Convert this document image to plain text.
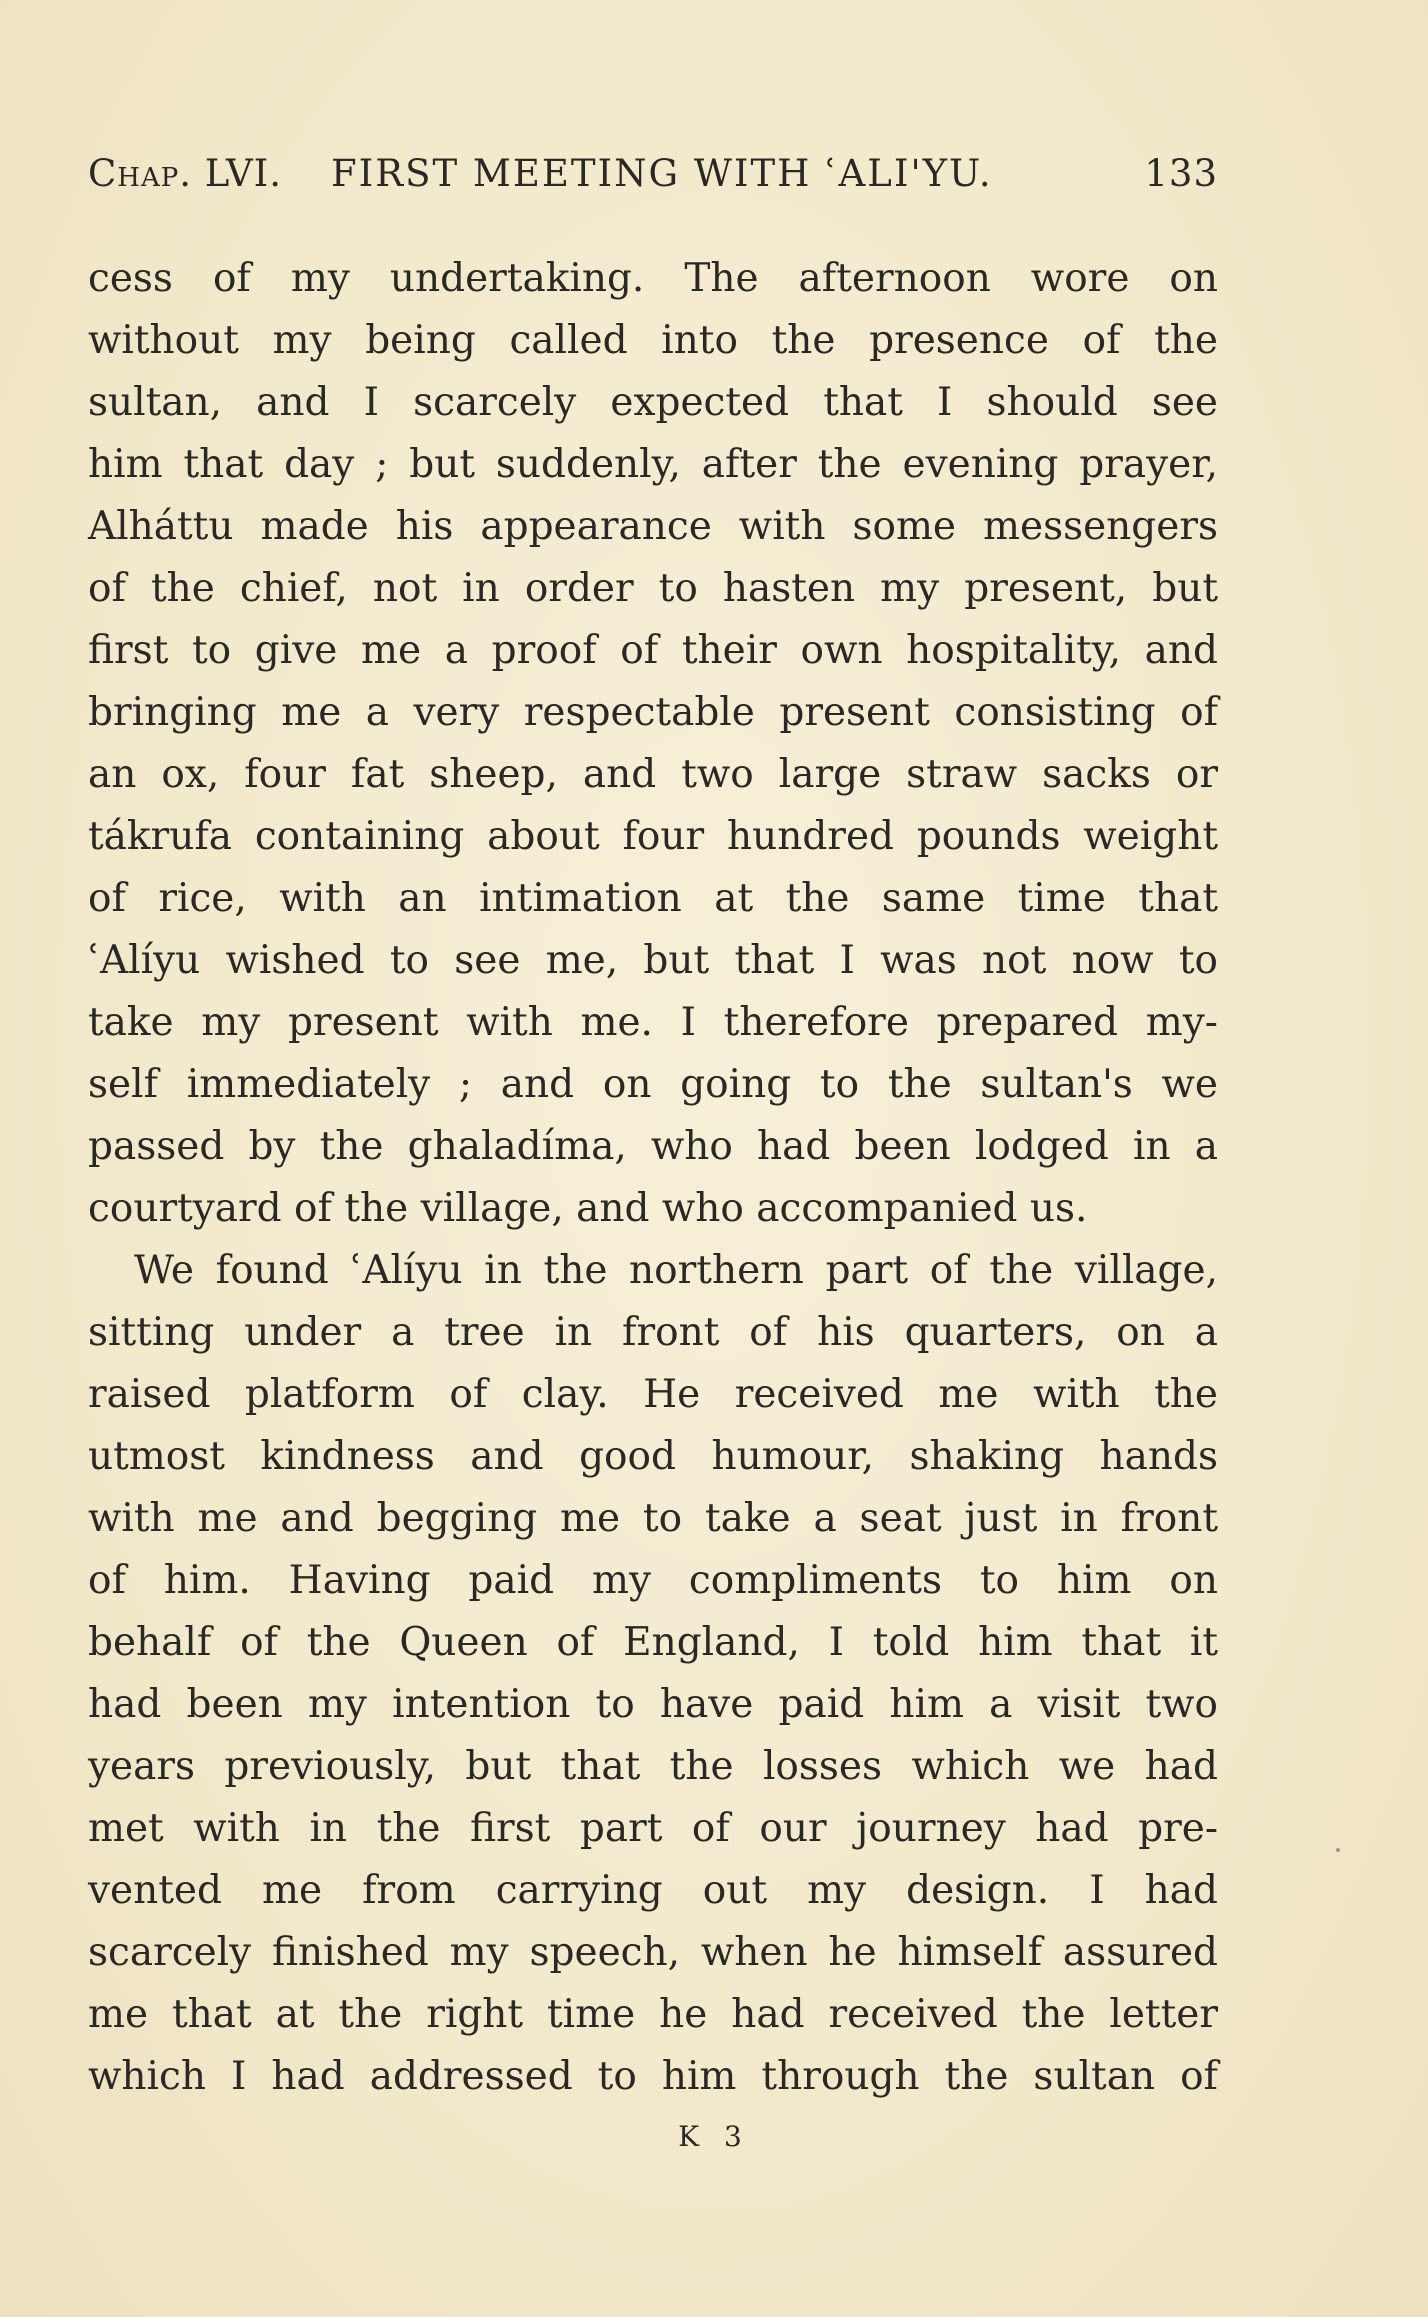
Chap. LVI. FIRST MEETING WITH ʿALI'YU.	133
cess of my undertaking. The afternoon wore on
without my being called into the presence of the
sultan, and I scarcely expected that I should see
him that day ; but suddenly, after the evening prayer,
Alháttu made his appearance with some messengers
of the chief, not in order to hasten my present, but
first to give me a proof of their own hospitality, and
bringing me a very respectable present consisting of
an ox, four fat sheep, and two large straw sacks or
tákrufa containing about four hundred pounds weight
of rice, with an intimation at the same time that
ʿAlíyu wished to see me, but that I was not now to
take my present with me. I therefore prepared my-
self immediately ; and on going to the sultan's we
passed by the ghaladíma, who had been lodged in a
courtyard of the village, and who accompanied us.
We found ʿAlíyu in the northern part of the village,
sitting under a tree in front of his quarters, on a
raised platform of clay. He received me with the
utmost kindness and good humour, shaking hands
with me and begging me to take a seat just in front
of him. Having paid my compliments to him on
behalf of the Queen of England, I told him that it
had been my intention to have paid him a visit two
years previously, but that the losses which we had
met with in the first part of our journey had pre-
vented me from carrying out my design. I had
scarcely finished my speech, when he himself assured
me that at the right time he had received the letter
which I had addressed to him through the sultan of
K 3
